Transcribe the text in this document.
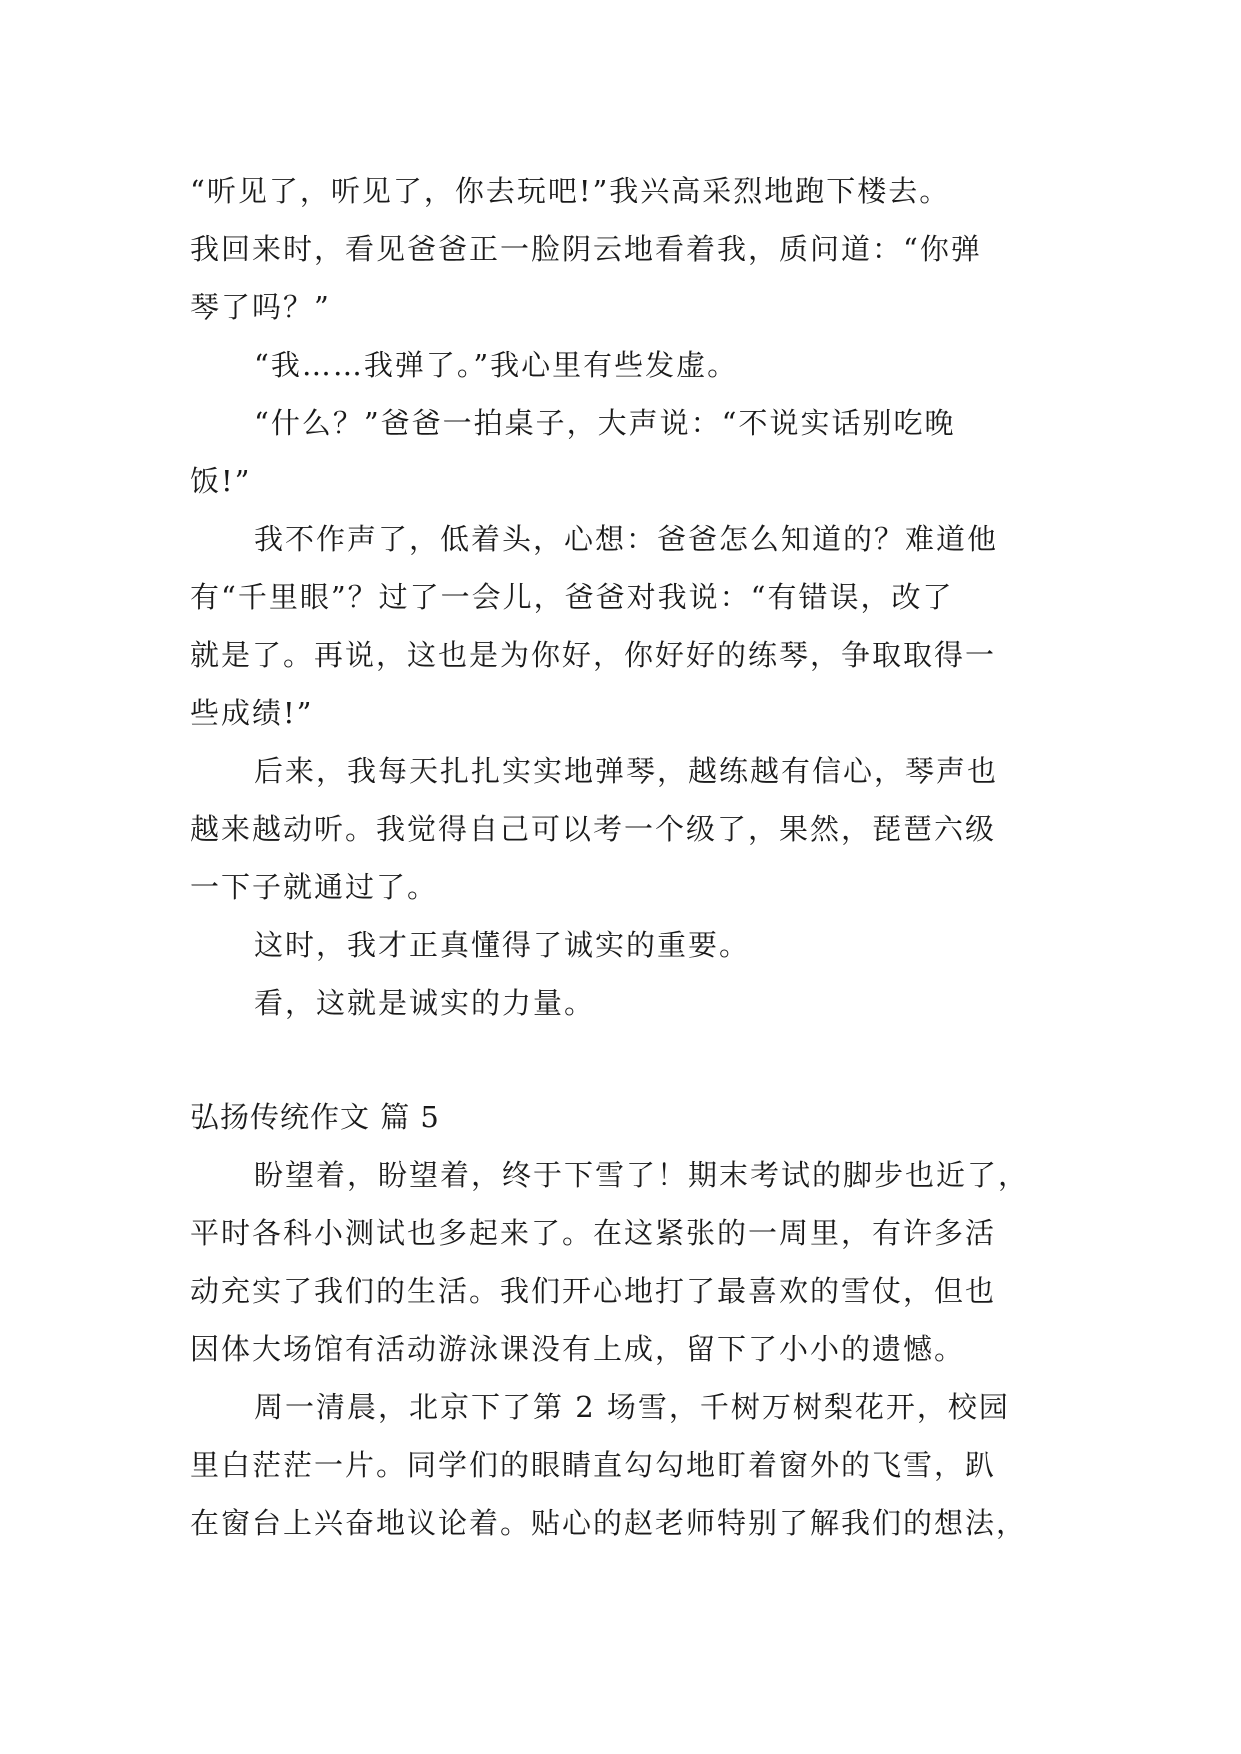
“听见了，听见了，你去玩吧!”我兴高采烈地跑下楼去。
我回来时，看见爸爸正一脸阴云地看着我，质问道：“你弹
琴了吗？”
“我……我弹了。”我心里有些发虚。
“什么？”爸爸一拍桌子，大声说：“不说实话别吃晚
饭!”
我不作声了，低着头，心想：爸爸怎么知道的？难道他
有“千里眼”？过了一会儿，爸爸对我说：“有错误，改了
就是了。再说，这也是为你好，你好好的练琴，争取取得一
些成绩!”
后来，我每天扎扎实实地弹琴，越练越有信心，琴声也
越来越动听。我觉得自己可以考一个级了，果然，琵琶六级
一下子就通过了。
这时，我才正真懂得了诚实的重要。
看，这就是诚实的力量。
弘扬传统作文 篇 5
盼望着，盼望着，终于下雪了！期末考试的脚步也近了，
平时各科小测试也多起来了。在这紧张的一周里，有许多活
动充实了我们的生活。我们开心地打了最喜欢的雪仗，但也
因体大场馆有活动游泳课没有上成，留下了小小的遗憾。
周一清晨，北京下了第 2 场雪，千树万树梨花开，校园
里白茫茫一片。同学们的眼睛直勾勾地盯着窗外的飞雪，趴
在窗台上兴奋地议论着。贴心的赵老师特别了解我们的想法，
